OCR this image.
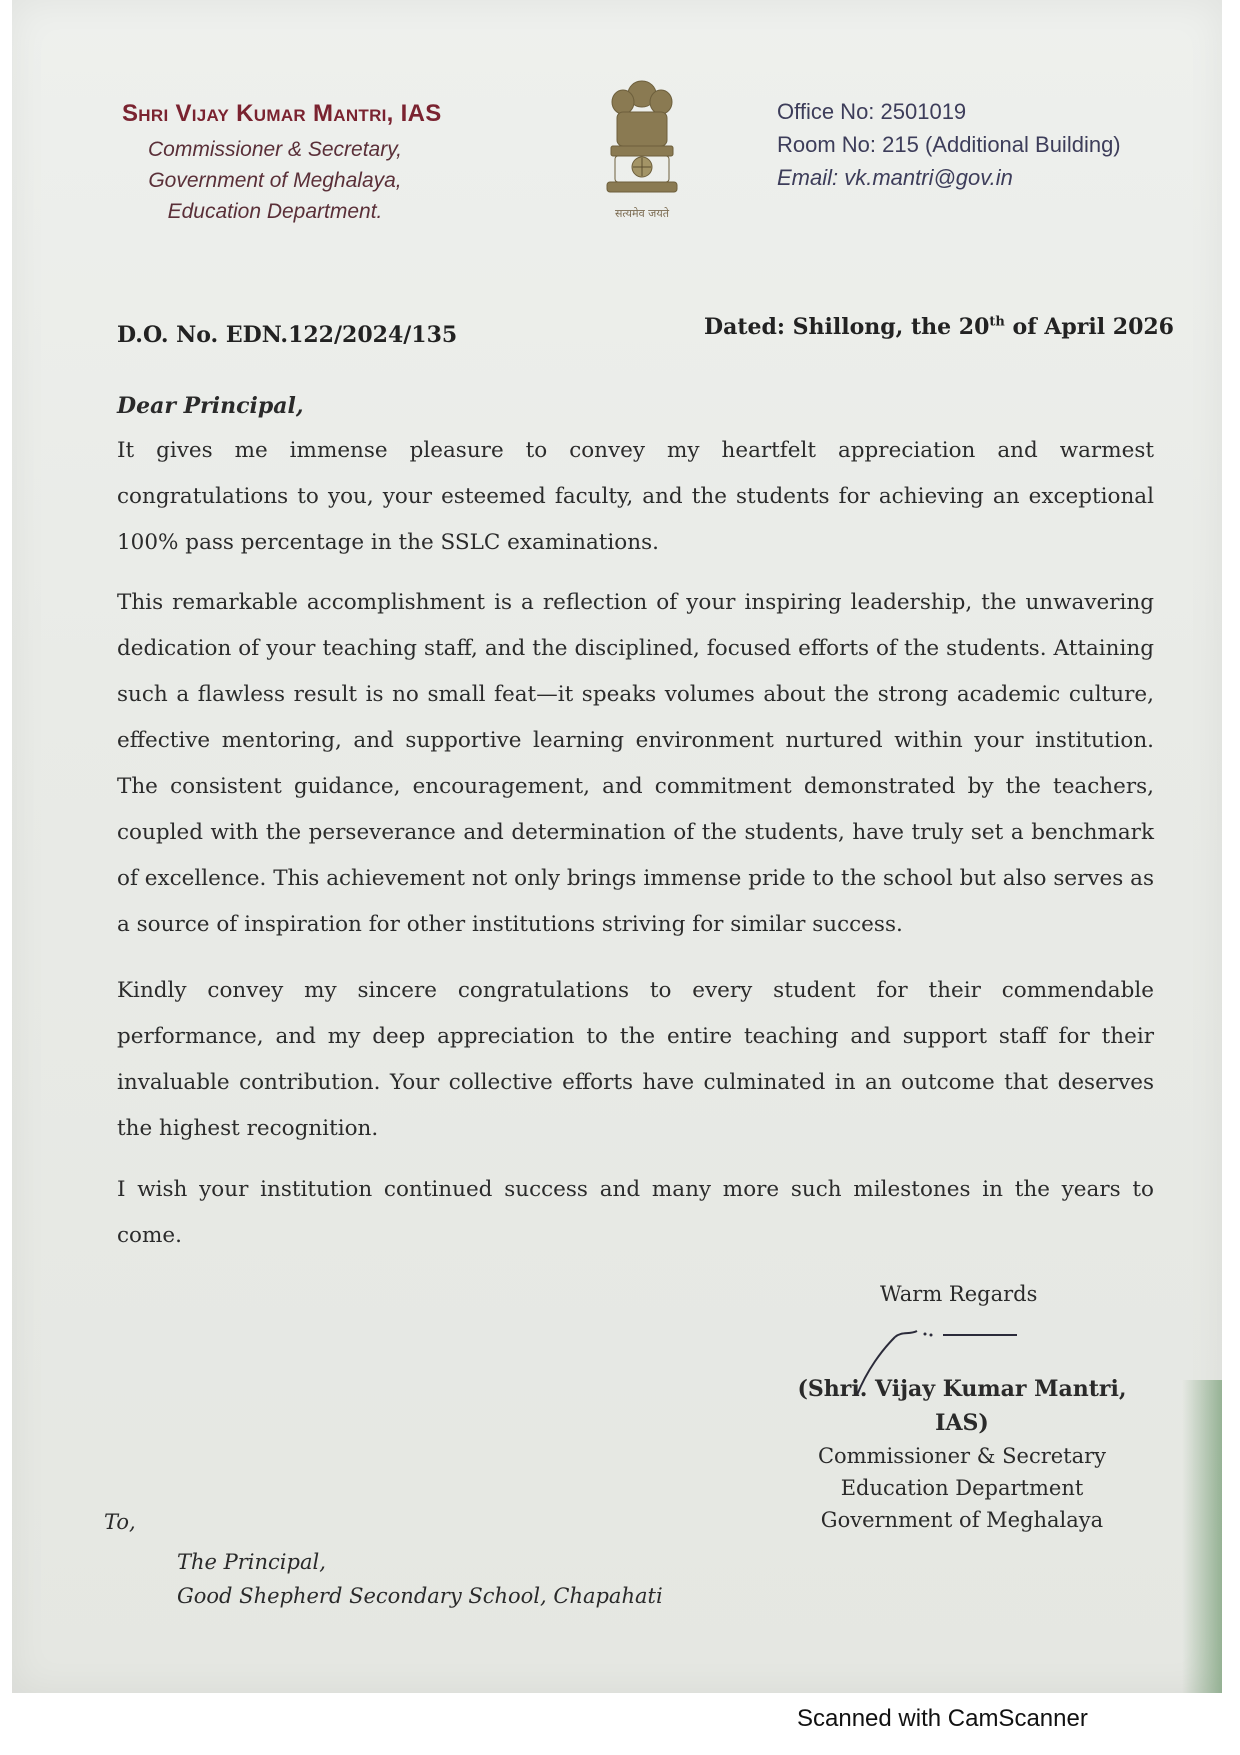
Shri Vijay Kumar Mantri, IAS
Commissioner & Secretary,
Government of Meghalaya,
Education Department.	सत्यमेव जयते
Office No: 2501019
Room No: 215 (Additional Building)
Email: vk.mantri@gov.in
D.O. No. EDN.122/2024/135	Dated: Shillong, the 20th of April 2026
Dear Principal,
It gives me immense pleasure to convey my heartfelt appreciation and warmest congratulations to you, your esteemed faculty, and the students for achieving an exceptional 100% pass percentage in the SSLC examinations.
This remarkable accomplishment is a reflection of your inspiring leadership, the unwavering dedication of your teaching staff, and the disciplined, focused efforts of the students. Attaining such a flawless result is no small feat—it speaks volumes about the strong academic culture, effective mentoring, and supportive learning environment nurtured within your institution. The consistent guidance, encouragement, and commitment demonstrated by the teachers, coupled with the perseverance and determination of the students, have truly set a benchmark of excellence. This achievement not only brings immense pride to the school but also serves as a source of inspiration for other institutions striving for similar success.
Kindly convey my sincere congratulations to every student for their commendable performance, and my deep appreciation to the entire teaching and support staff for their invaluable contribution. Your collective efforts have culminated in an outcome that deserves the highest recognition.
I wish your institution continued success and many more such milestones in the years to come.
Warm Regards
(Shri. Vijay Kumar Mantri, IAS)
Commissioner & Secretary
Education Department
Government of Meghalaya
To,
The Principal,
Good Shepherd Secondary School, Chapahati
Scanned with CamScanner
